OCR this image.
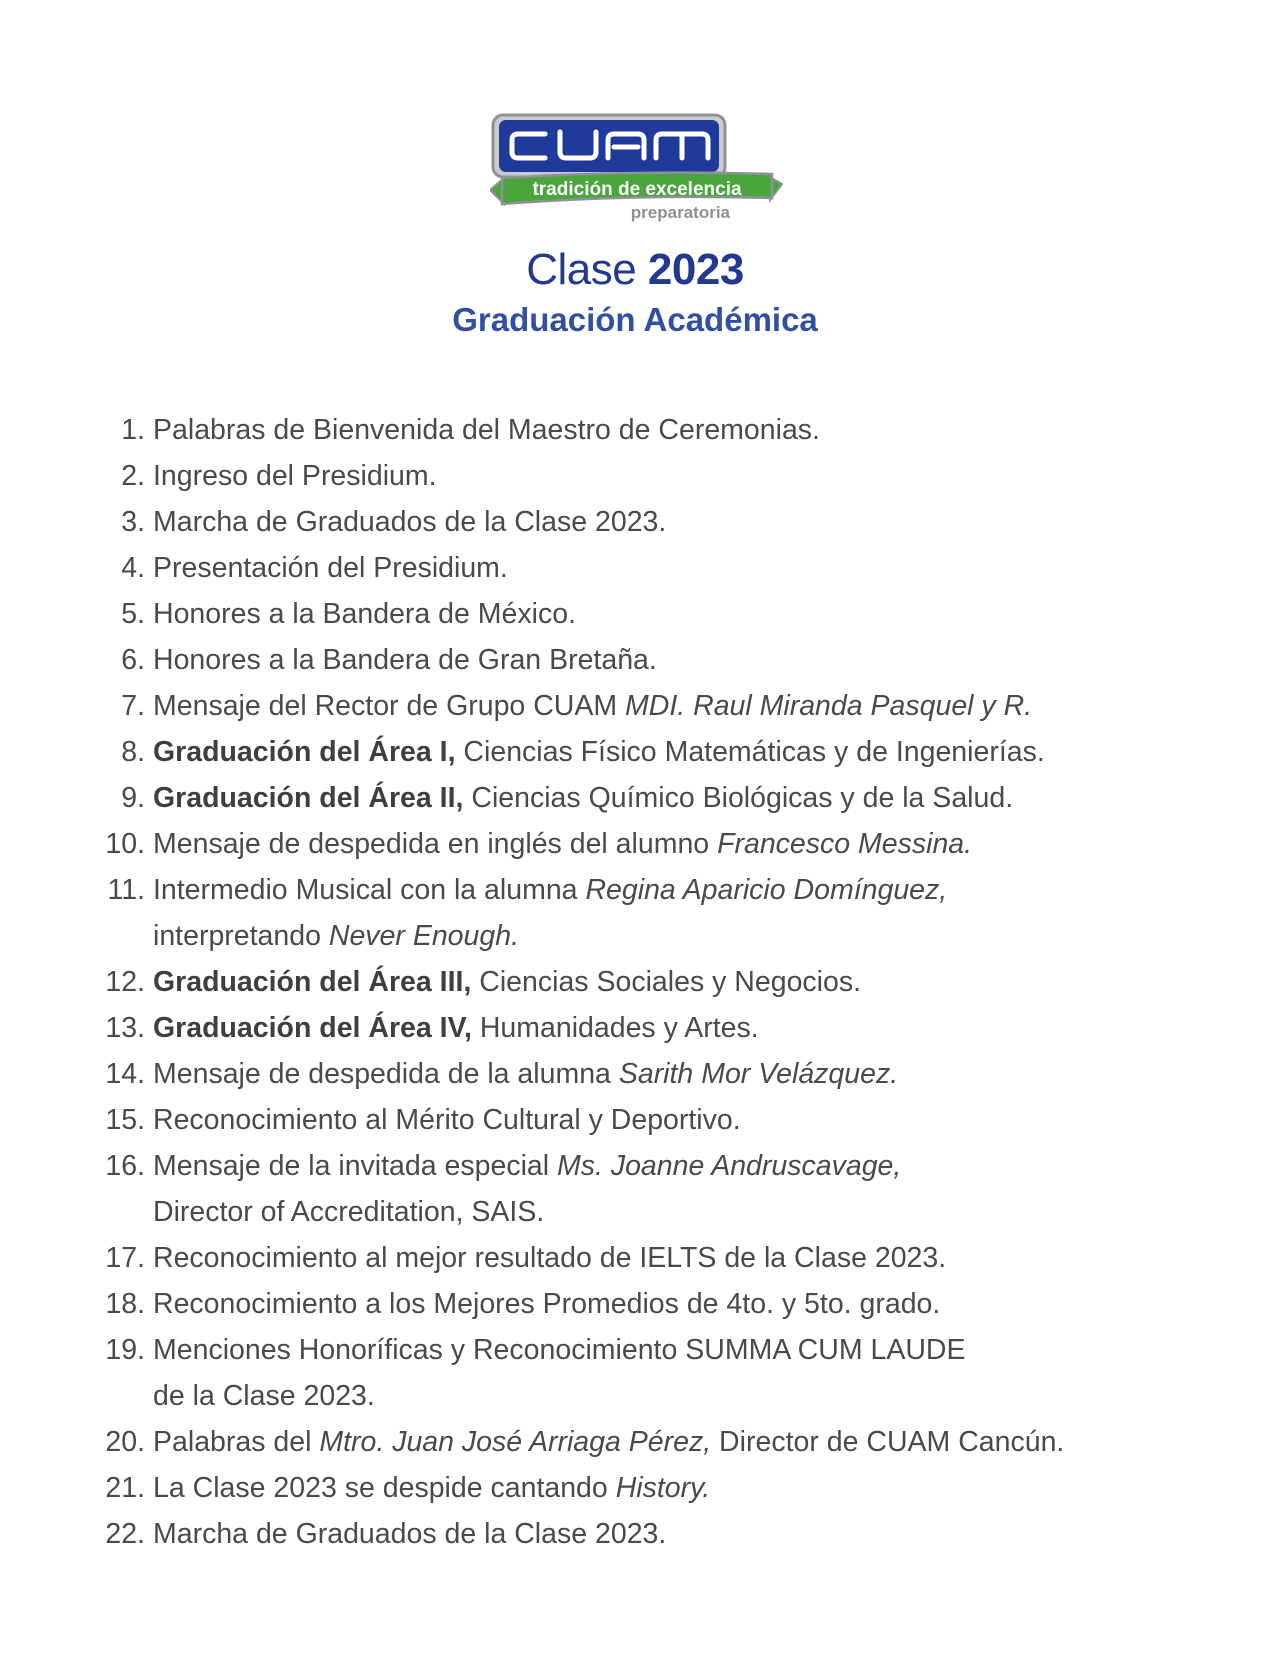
tradición de excelencia
preparatoria
Clase 2023
Graduación Académica
1. Palabras de Bienvenida del Maestro de Ceremonias.
2. Ingreso del Presidium.
3. Marcha de Graduados de la Clase 2023.
4. Presentación del Presidium.
5. Honores a la Bandera de México.
6. Honores a la Bandera de Gran Bretaña.
7. Mensaje del Rector de Grupo CUAM MDI. Raul Miranda Pasquel y R.
8. Graduación del Área I, Ciencias Físico Matemáticas y de Ingenierías.
9. Graduación del Área II, Ciencias Químico Biológicas y de la Salud.
10. Mensaje de despedida en inglés del alumno Francesco Messina.
11. Intermedio Musical con la alumna Regina Aparicio Domínguez,
interpretando Never Enough.
12. Graduación del Área III, Ciencias Sociales y Negocios.
13. Graduación del Área IV, Humanidades y Artes.
14. Mensaje de despedida de la alumna Sarith Mor Velázquez.
15. Reconocimiento al Mérito Cultural y Deportivo.
16. Mensaje de la invitada especial Ms. Joanne Andruscavage,
Director of Accreditation, SAIS.
17. Reconocimiento al mejor resultado de IELTS de la Clase 2023.
18. Reconocimiento a los Mejores Promedios de 4to. y 5to. grado.
19. Menciones Honoríficas y Reconocimiento SUMMA CUM LAUDE
de la Clase 2023.
20. Palabras del Mtro. Juan José Arriaga Pérez, Director de CUAM Cancún.
21. La Clase 2023 se despide cantando History.
22. Marcha de Graduados de la Clase 2023.
